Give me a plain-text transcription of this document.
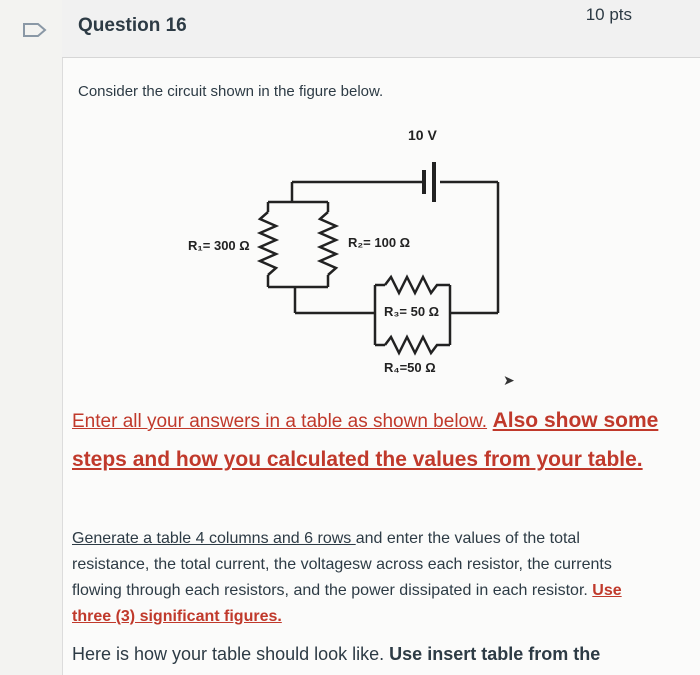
Question 16
10 pts
Consider the circuit shown in the figure below.
10 V
R₁= 300 Ω	R₂= 100 Ω
R₃= 50 Ω
R₄=50 Ω
➤
Enter all your answers in a table as shown below. Also show some steps and how you calculated the values from your table.
Generate a table 4 columns and 6 rows and enter the values of the total resistance, the total current, the voltagesw across each resistor, the currents flowing through each resistors, and the power dissipated in each resistor. Use three (3) significant figures.
Here is how your table should look like. Use insert table from the
